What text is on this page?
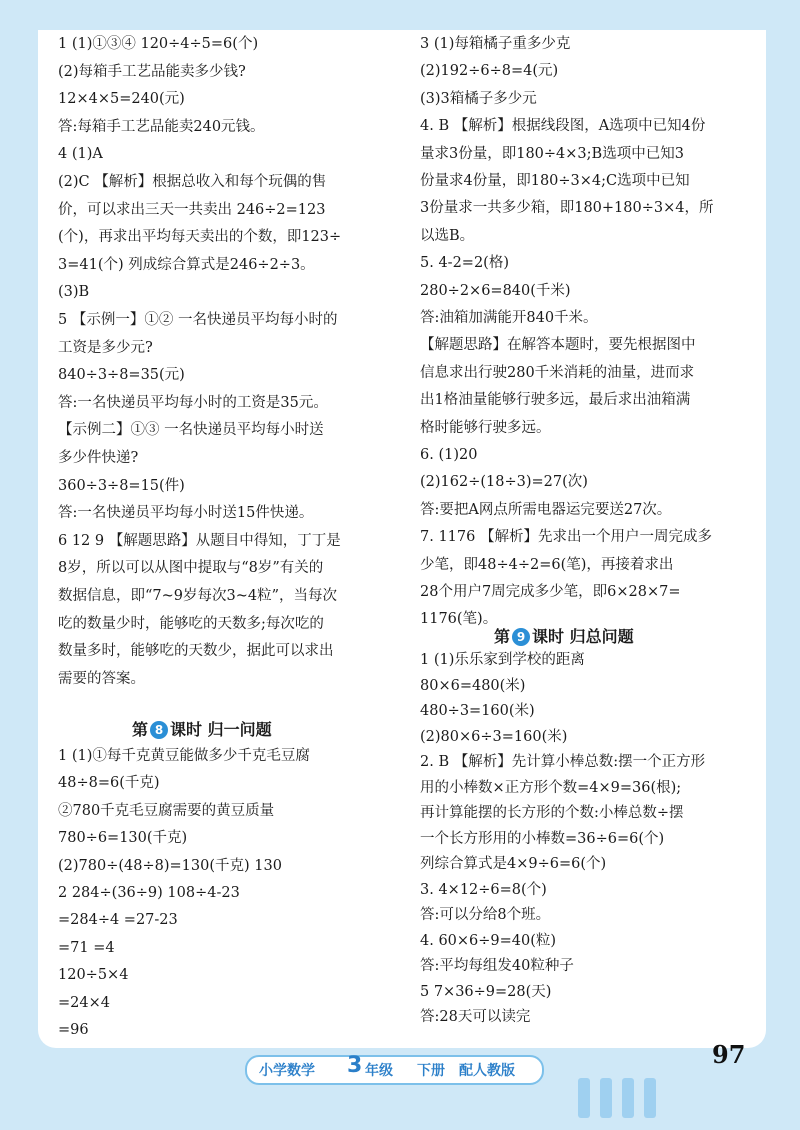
1 (1)①③④ 120÷4÷5=6(个)
(2)每箱手工艺品能卖多少钱?
12×4×5=240(元)
答:每箱手工艺品能卖240元钱。
4 (1)A
(2)C 【解析】根据总收入和每个玩偶的售
价，可以求出三天一共卖出 246÷2=123
(个)，再求出平均每天卖出的个数，即123÷
3=41(个) 列成综合算式是246÷2÷3。
(3)B
5 【示例一】①② 一名快递员平均每小时的
工资是多少元?
840÷3÷8=35(元)
答:一名快递员平均每小时的工资是35元。
【示例二】①③ 一名快递员平均每小时送
多少件快递?
360÷3÷8=15(件)
答:一名快递员平均每小时送15件快递。
6 12 9 【解题思路】从题目中得知，丁丁是
8岁，所以可以从图中提取与“8岁”有关的
数据信息，即“7~9岁每次3~4粒”，当每次
吃的数量少时，能够吃的天数多;每次吃的
数量多时，能够吃的天数少，据此可以求出
需要的答案。
1 (1)①每千克黄豆能做多少千克毛豆腐
48÷8=6(千克)
②780千克毛豆腐需要的黄豆质量
780÷6=130(千克)
(2)780÷(48÷8)=130(千克) 130
2 284÷(36÷9) 108÷4-23
=284÷4 =27-23
=71 =4
120÷5×4
=24×4
=96
3 (1)每箱橘子重多少克
(2)192÷6÷8=4(元)
(3)3箱橘子多少元
4. B 【解析】根据线段图，A选项中已知4份
量求3份量，即180÷4×3;B选项中已知3
份量求4份量，即180÷3×4;C选项中已知
3份量求一共多少箱，即180+180÷3×4，所
以选B。
5. 4-2=2(格)
280÷2×6=840(千米)
答:油箱加满能开840千米。
【解题思路】在解答本题时，要先根据图中
信息求出行驶280千米消耗的油量，进而求
出1格油量能够行驶多远，最后求出油箱满
格时能够行驶多远。
6. (1)20
(2)162÷(18÷3)=27(次)
答:要把A网点所需电器运完要送27次。
7. 1176 【解析】先求出一个用户一周完成多
少笔，即48÷4÷2=6(笔)，再接着求出
28个用户7周完成多少笔，即6×28×7=
1176(笔)。
1 (1)乐乐家到学校的距离
80×6=480(米)
480÷3=160(米)
(2)80×6÷3=160(米)
2. B 【解析】先计算小棒总数:摆一个正方形
用的小棒数×正方形个数=4×9=36(根);
再计算能摆的长方形的个数:小棒总数÷摆
一个长方形用的小棒数=36÷6=6(个)
列综合算式是4×9÷6=6(个)
3. 4×12÷6=8(个)
答:可以分给8个班。
4. 60×6÷9=40(粒)
答:平均每组发40粒种子
5 7×36÷9=28(天)
答:28天可以读完
第 8 课时 归一问题
第 9 课时 归总问题
小学数学 3 年级 下册 配人教版
97
